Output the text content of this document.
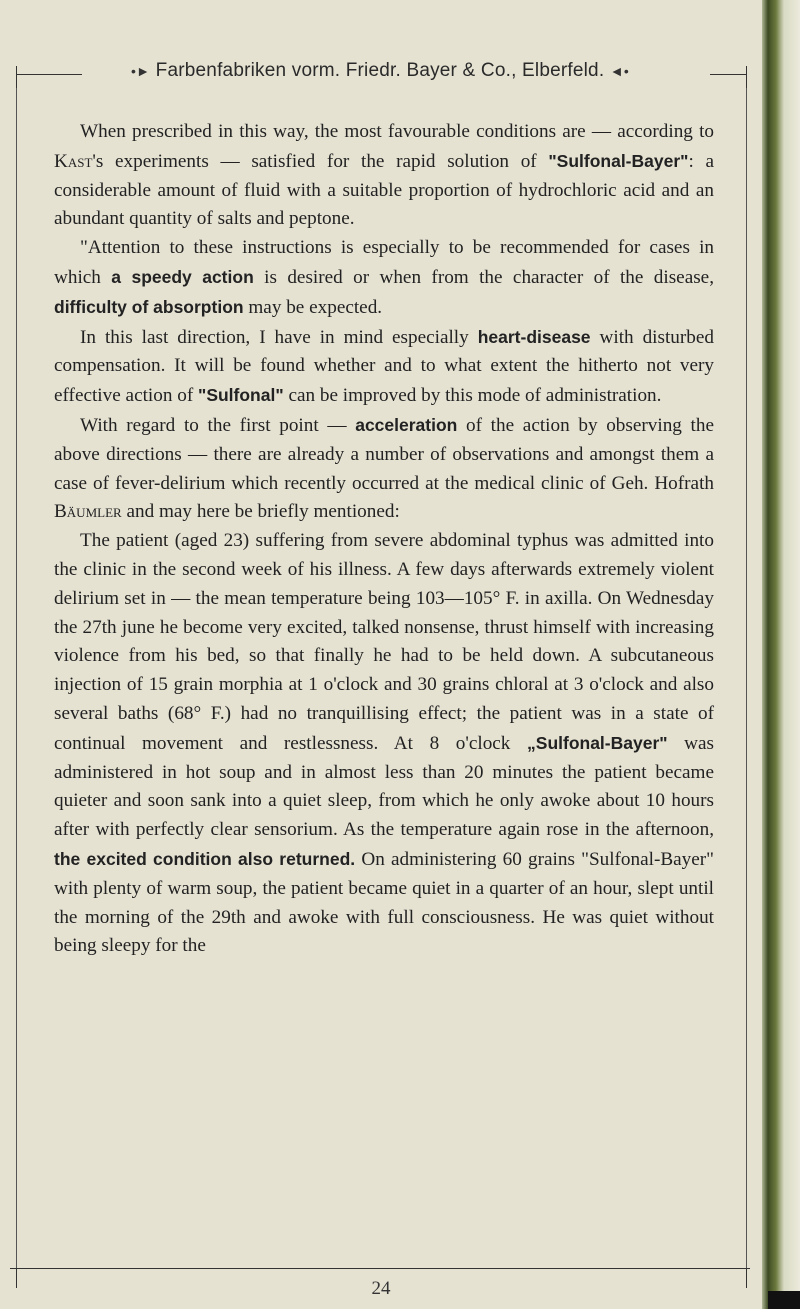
•► Farbenfabriken vorm. Friedr. Bayer & Co., Elberfeld. ◄•

When prescribed in this way, the most favourable conditions are — according to Kast's experiments — satisfied for the rapid solution of "Sulfonal-Bayer": a considerable amount of fluid with a suitable proportion of hydrochloric acid and an abundant quantity of salts and peptone.

"Attention to these instructions is especially to be recommended for cases in which a speedy action is desired or when from the character of the disease, difficulty of absorption may be expected.

In this last direction, I have in mind especially heart-disease with disturbed compensation. It will be found whether and to what extent the hitherto not very effective action of "Sulfonal" can be improved by this mode of administration.

With regard to the first point — acceleration of the action by observing the above directions — there are already a number of observations and amongst them a case of fever-delirium which recently occurred at the medical clinic of Geh. Hofrath Bäumler and may here be briefly mentioned:

The patient (aged 23) suffering from severe abdominal typhus was admitted into the clinic in the second week of his illness. A few days afterwards extremely violent delirium set in — the mean temperature being 103—105° F. in axilla. On Wednesday the 27th june he become very excited, talked nonsense, thrust himself with increasing violence from his bed, so that finally he had to be held down. A subcutaneous injection of 15 grain morphia at 1 o'clock and 30 grains chloral at 3 o'clock and also several baths (68° F.) had no tranquillising effect; the patient was in a state of continual movement and restlessness. At 8 o'clock „Sulfonal-Bayer" was administered in hot soup and in almost less than 20 minutes the patient became quieter and soon sank into a quiet sleep, from which he only awoke about 10 hours after with perfectly clear sensorium. As the temperature again rose in the afternoon, the excited condition also returned. On administering 60 grains "Sulfonal-Bayer" with plenty of warm soup, the patient became quiet in a quarter of an hour, slept until the morning of the 29th and awoke with full consciousness. He was quiet without being sleepy for the

24
